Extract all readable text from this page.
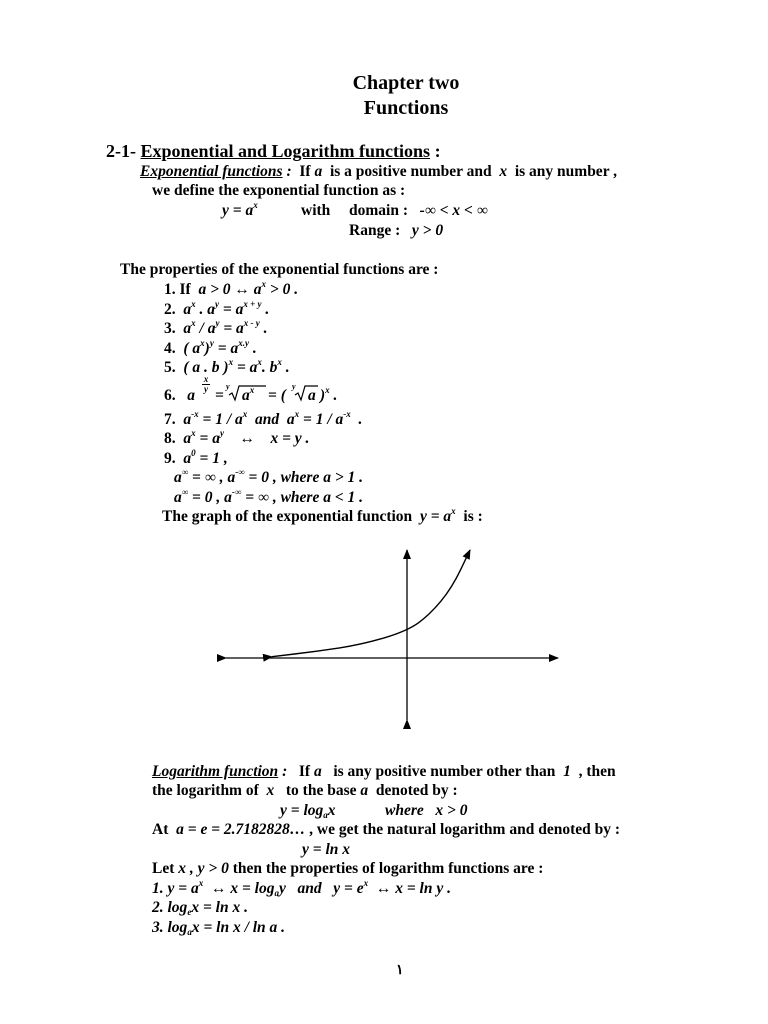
Chapter two
Functions
2-1- Exponential and Logarithm functions :
Exponential functions : If a is a positive number and x is any number ,
we define the exponential function as :
$y = a^x$	with domain : -∞ < x < ∞
Range : y > 0
The properties of the exponential functions are :
1. If a > 0 ↔ $a^x > 0$ .
2. $a^x$ . $a^y = a^{x + y}$ .
3. $a^x / a^y = a^{x - y}$ .
4. ( $a^x)^y = a^{x.y}$ .
5. ( a . b )$^x = a^x$. $b^x$ .
6. a
x
y =
y
$a^x$ = (
y
a )$^x$ .
7. $a^{-x} = 1 / a^x$ and $a^x = 1 / a^{-x}$  .
8. $a^x = a^y$ ↔ x = y .
9. $a^0 = 1$ ,
a∞ = ∞ , a-∞ = 0 , where a > 1 .
a∞ = 0 , a-∞ = ∞ , where a < 1 .
The graph of the exponential function $y = a^x$ is :
Logarithm function : If a is any positive number other than 1 , then
the logarithm of x to the base a denoted by :
$y = \log_ax$	where x > 0
At a = e = 2.7182828… , we get the natural logarithm and denoted by :
y = ln x
Let x , y > 0 then the properties of logarithm functions are :
1. $y = a^x$ ↔ $x = \log_ay$ and $y = e^x$ ↔ x = ln y .
2. $\log_ex = \ln x$ .
3. $\log_ax = \ln x / \ln a$ .
١
